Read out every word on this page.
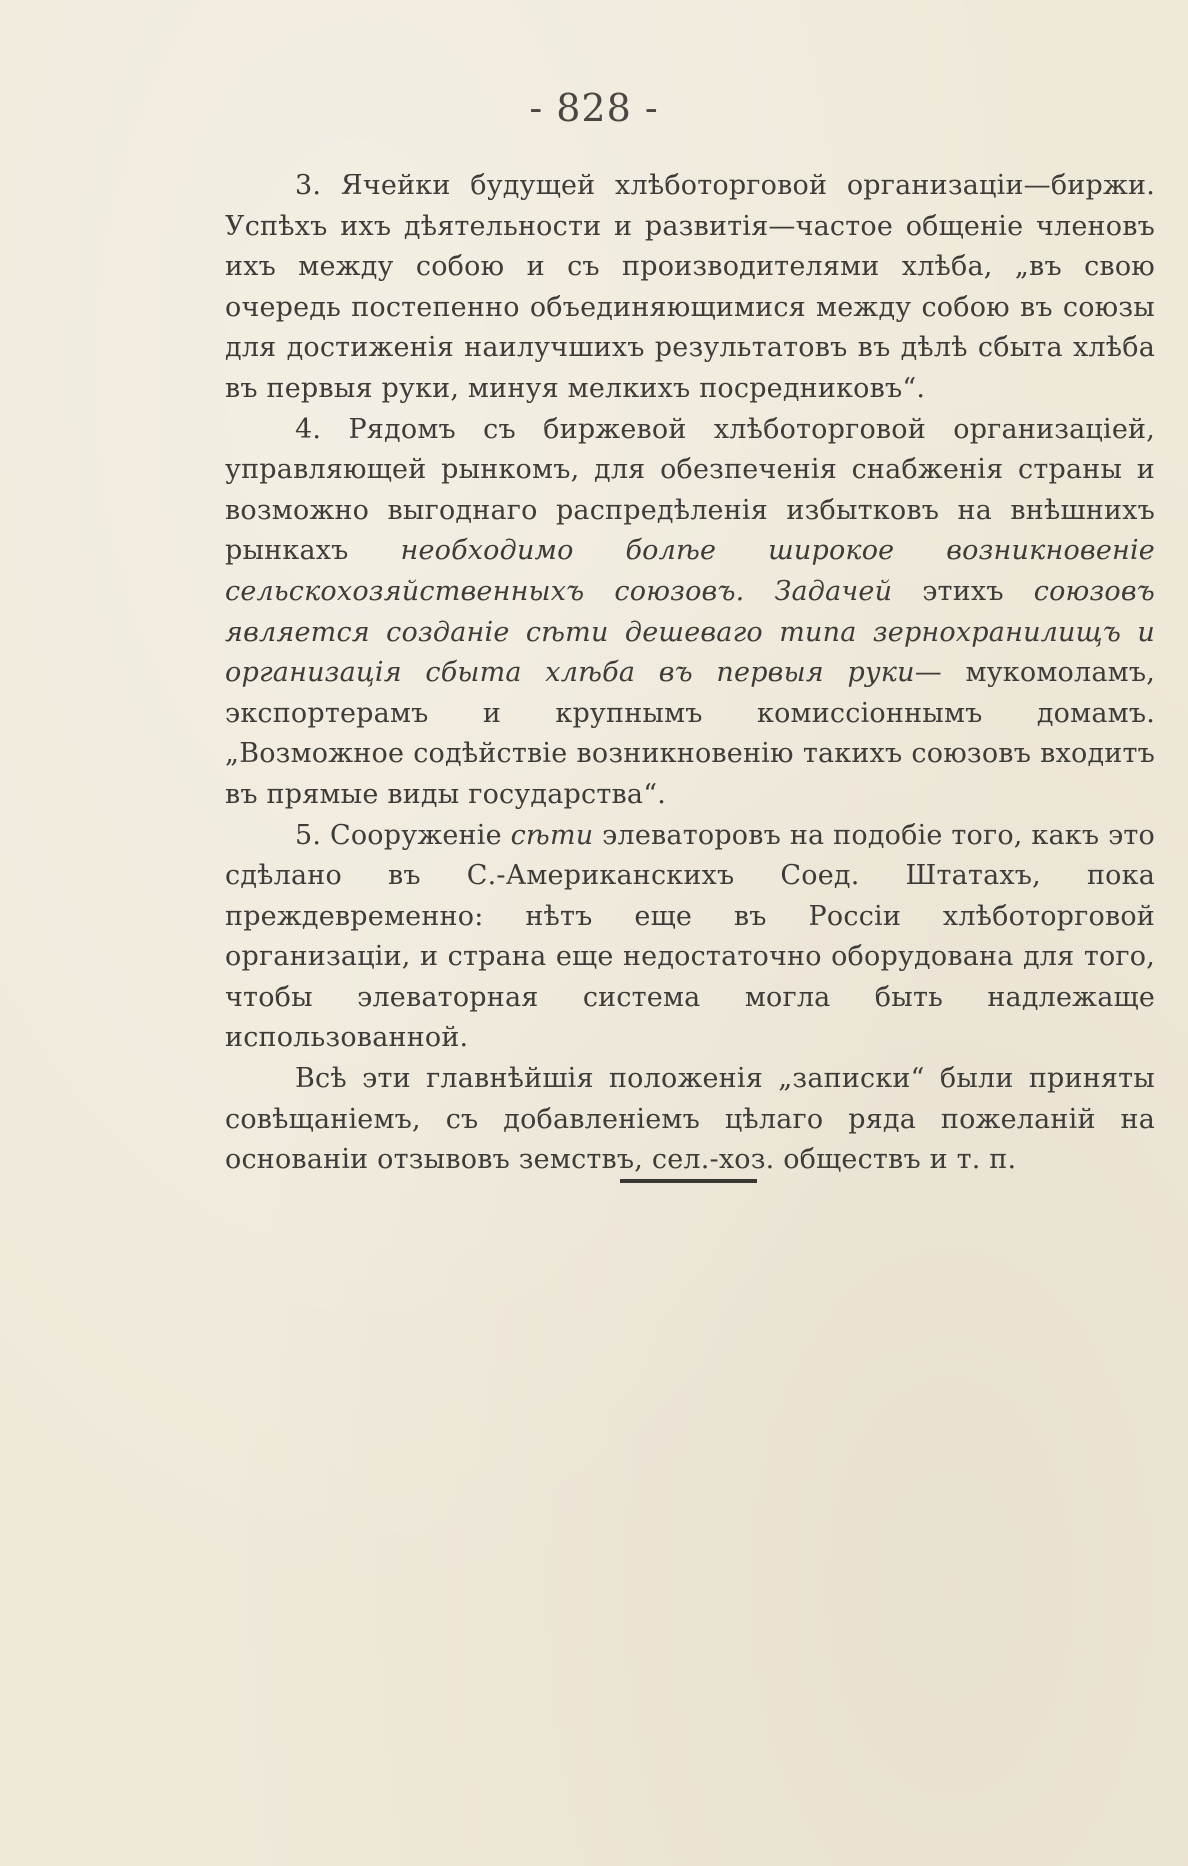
- 828 -

3. Ячейки будущей хлѣботорговой организаціи—биржи. Успѣхъ ихъ дѣятельности и развитія—частое общеніе членовъ ихъ между собою и съ производителями хлѣба, „въ свою очередь постепенно объединяющимися между собою въ союзы для достиженія наилучшихъ результатовъ въ дѣлѣ сбыта хлѣба въ первыя руки, минуя мелкихъ посредниковъ“.

4. Рядомъ съ биржевой хлѣботорговой организаціей, управляющей рынкомъ, для обезпеченія снабженія страны и возможно выгоднаго распредѣленія избытковъ на внѣшнихъ рынкахъ необходимо болѣе широкое возникновеніе сельскохозяйственныхъ союзовъ. Задачей этихъ союзовъ является созданіе сѣти дешеваго типа зернохранилищъ и организація сбыта хлѣба въ первыя руки— мукомоламъ, экспортерамъ и крупнымъ комиссіоннымъ домамъ. „Возможное содѣйствіе возникновенію такихъ союзовъ входитъ въ прямые виды государства“.

5. Сооруженіе сѣти элеваторовъ на подобіе того, какъ это сдѣлано въ С.-Американскихъ Соед. Штатахъ, пока преждевременно: нѣтъ еще въ Россіи хлѣботорговой организаціи, и страна еще недостаточно оборудована для того, чтобы элеваторная система могла быть надлежаще использованной.

Всѣ эти главнѣйшія положенія „записки“ были приняты совѣщаніемъ, съ добавленіемъ цѣлаго ряда пожеланій на основаніи отзывовъ земствъ, сел.-хоз. обществъ и т. п.
